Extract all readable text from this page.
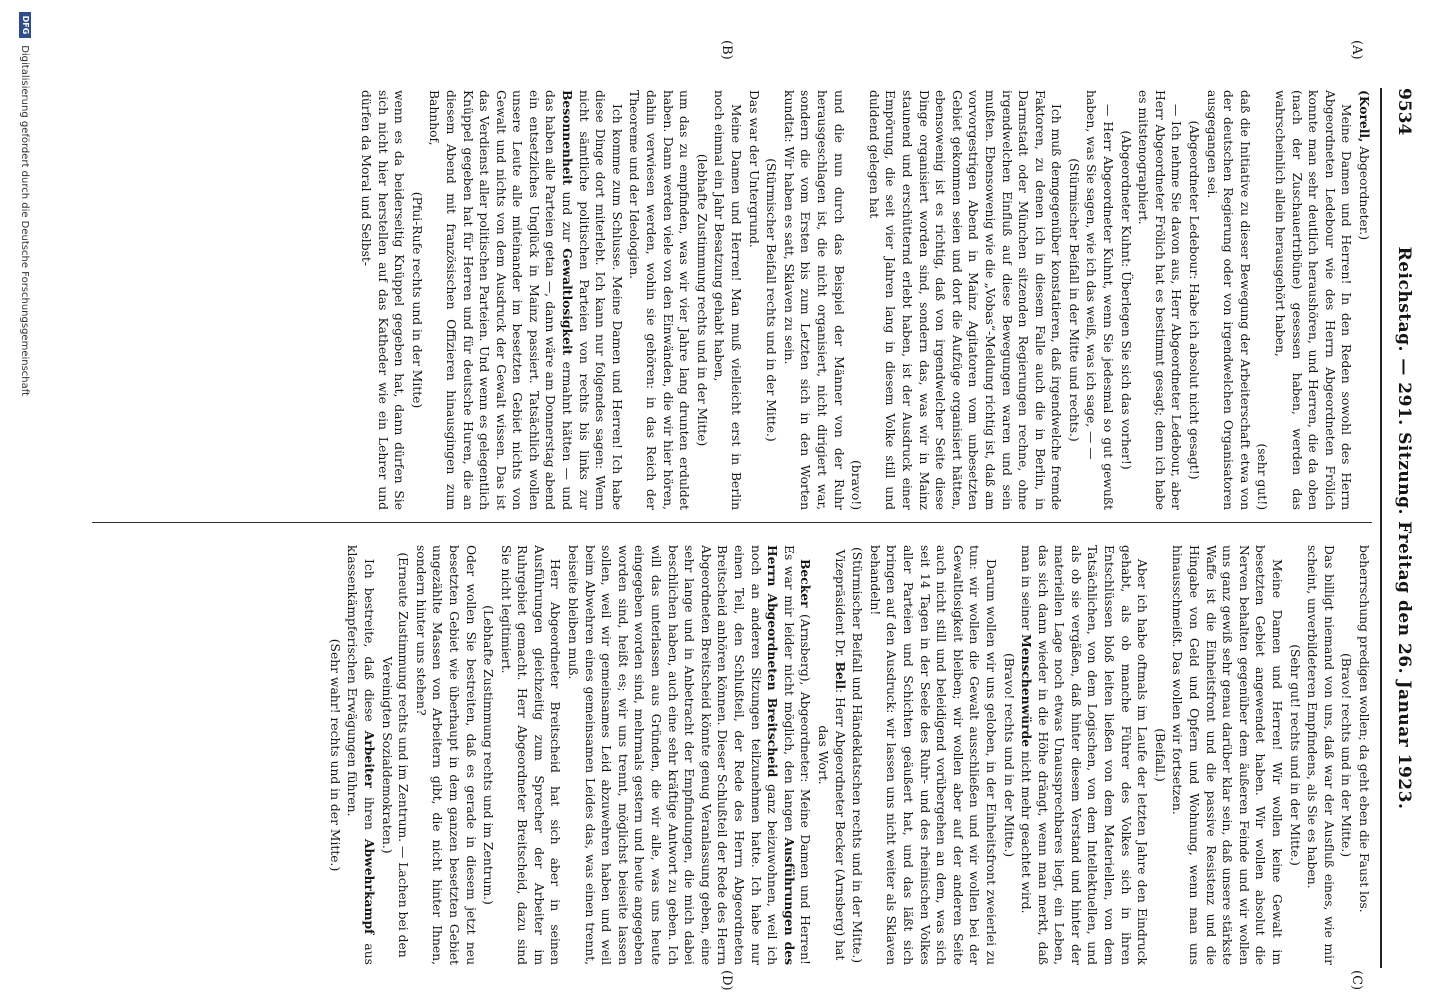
9534
Reichstag. — 291. Sitzung. Freitag den 26. Januar 1923.
(A)
(B)
(C)
(D)

(Korell, Abgeordneter.)

Meine Damen und Herren! In den Reden sowohl des Herrn Abgeordneten Ledebour wie des Herrn Abgeordneten Frölich konnte man sehr deutlich heraushören, und Herren, die da oben (nach der Zuschauertribüne) gesessen haben, werden das wahrscheinlich allein herausgehört haben,

(sehr gut!)

daß die Initiative zu dieser Bewegung der Arbeiterschaft etwa von der deutschen Regierung oder von irgendwelchen Organisatoren ausgegangen sei.

(Abgeordneter Ledebour: Habe ich absolut nicht gesagt!)

— Ich nehme Sie davon aus, Herr Abgeordneter Ledebour, aber Herr Abgeordneter Frölich hat es bestimmt gesagt; denn ich habe es mitstenographiert.

(Abgeordneter Kuhnt: Überlegen Sie sich das vorher!)

— Herr Abgeordneter Kuhnt, wenn Sie jedesmal so gut gewußt haben, was Sie sagen, wie ich das weiß, was ich sage, — —

(Stürmischer Beifall in der Mitte und rechts.)

Ich muß demgegenüber konstatieren, daß irgendwelche fremde Faktoren, zu denen ich in diesem Falle auch die in Berlin, in Darmstadt oder München sitzenden Regierungen rechne, ohne irgendwelchen Einfluß auf diese Bewegungen waren und sein mußten. Ebensowenig wie die „Vobas“-Meldung richtig ist, daß am vorvorgestrigen Abend in Mainz Agitatoren vom unbesetzten Gebiet gekommen seien und dort die Aufzüge organisiert hätten, ebensowenig ist es richtig, daß von irgendwelcher Seite diese Dinge organisiert worden sind, sondern das, was wir in Mainz staunend und erschütternd erlebt haben, ist der Ausdruck einer Empörung, die seit vier Jahren lang in diesem Volke still und duldend gelegen hat

(bravo!)

und die nun durch das Beispiel der Männer von der Ruhr herausgeschlagen ist, die nicht organisiert, nicht dirigiert war, sondern die vom Ersten bis zum Letzten sich in den Worten kundtat: Wir haben es satt, Sklaven zu sein.

(Stürmischer Beifall rechts und in der Mitte.)

Das war der Untergrund.

Meine Damen und Herren! Man muß vielleicht erst in Berlin noch einmal ein Jahr Besatzung gehabt haben,

(lebhafte Zustimmung rechts und in der Mitte)

um das zu empfinden, was wir vier Jahre lang drunten erduldet haben. Dann werden viele von den Einwänden, die wir hier hören, dahin verwiesen werden, wohin sie gehören: in das Reich der Theoreme und der Ideologien.

Ich komme zum Schlusse. Meine Damen und Herren! Ich habe diese Dinge dort miterlebt. Ich kann nur folgendes sagen: Wenn nicht sämtliche politischen Parteien von rechts bis links zur Besonnenheit und zur Gewaltlosigkeit ermahnt hätten — und das haben alle Parteien getan —, dann wäre am Donnerstag abend ein entsetzliches Unglück in Mainz passiert. Tatsächlich wollen unsere Leute alle miteinander im besetzten Gebiet nichts von Gewalt und nichts von dem Ausdruck der Gewalt wissen. Das ist das Verdienst aller politischen Parteien. Und wenn es gelegentlich Knüppel gegeben hat für Herren und für deutsche Huren, die an diesem Abend mit französischen Offizieren hinausgingen zum Bahnhof,

(Pfui-Rufe rechts und in der Mitte)

wenn es da beiderseitig Knüppel gegeben hat, dann dürfen Sie sich nicht hier herstellen auf das Katheder wie ein Lehrer und dürfen da Moral und Selbst-

beherrschung predigen wollen; da geht eben die Faust los.

(Bravo! rechts und in der Mitte.)

Das billigt niemand von uns, daß war der Ausfluß eines, wie mir scheint, unverbildeteren Empfindens, als Sie es haben.

(Sehr gut! rechts und in der Mitte.)

Meine Damen und Herren! Wir wollen keine Gewalt im besetzten Gebiet angewendet haben. Wir wollen absolut die Nerven behalten gegenüber dem äußeren Feinde und wir wollen uns ganz gewiß sehr genau darüber klar sein, daß unsere stärkste Waffe ist die Einheitsfront und die passive Resistenz und die Hingabe von Geld und Opfern und Wohnung, wenn man uns hinausschmeißt. Das wollen wir fortsetzen.

(Beifall.)

Aber ich habe oftmals im Laufe der letzten Jahre den Eindruck gehabt, als ob manche Führer des Volkes sich in ihren Entschlüssen bloß leiten ließen von dem Materiellen, von dem Tatsächlichen, von dem Logischen, von dem Intellektuellen, und als ob sie vergäßen, daß hinter diesem Verstand und hinter der materiellen Lage noch etwas Unaussprechbares liegt, ein Leben, das sich dann wieder in die Höhe drängt, wenn man merkt, daß man in seiner Menschenwürde nicht mehr geachtet wird.

(Bravo! rechts und in der Mitte.)

Darum wollen wir uns geloben, in der Einheitsfront zweierlei zu tun: wir wollen die Gewalt ausschließen und wir wollen bei der Gewaltlosigkeit bleiben; wir wollen aber auf der anderen Seite auch nicht still und beleidigend vorübergehen an dem, was sich seit 14 Tagen in der Seele des Ruhr- und des rheinischen Volkes aller Parteien und Schichten geäußert hat, und das läßt sich bringen auf den Ausdruck: wir lassen uns nicht weiter als Sklaven behandeln!

(Stürmischer Beifall und Händeklatschen rechts und in der Mitte.)

Vizepräsident Dr. Bell: Herr Abgeordneter Becker (Arnsberg) hat das Wort.

Becker (Arnsberg), Abgeordneter: Meine Damen und Herren! Es war mir leider nicht möglich, den langen Ausführungen des Herrn Abgeordneten Breitscheid ganz beizuwohnen, weil ich noch an anderen Sitzungen teilzunehmen hatte. Ich habe nur einen Teil, den Schlußteil, der Rede des Herrn Abgeordneten Breitscheid anhören können. Dieser Schlußteil der Rede des Herrn Abgeordneten Breitscheid könnte genug Veranlassung geben, eine sehr lange und in Anbetracht der Empfindungen, die mich dabei beschlichen haben, auch eine sehr kräftige Antwort zu geben. Ich will das unterlassen aus Gründen, die wir alle, was uns heute eingegeben worden sind, mehrmals gestern und heute angegeben worden sind, heißt es; wir uns trennt, möglichst beiseite lassen sollen, weil wir gemeinsames Leid abzuwehren haben und weil beim Abwehren eines gemeinsamen Leides das, was einen trennt, beiseite bleiben muß.

Herr Abgeordneter Breitscheid hat sich aber in seinen Ausführungen gleichzeitig zum Sprecher der Arbeiter im Ruhrgebiet gemacht. Herr Abgeordneter Breitscheid, dazu sind Sie nicht legitimiert.

(Lebhafte Zustimmung rechts und im Zentrum.)

Oder wollen Sie bestreiten, daß es gerade in diesem jetzt neu besetzten Gebiet wie überhaupt in dem ganzen besetzten Gebiet ungezählte Massen von Arbeitern gibt, die nicht hinter Ihnen, sondern hinter uns stehen?

(Erneute Zustimmung rechts und im Zentrum. — Lachen bei den Vereinigten Sozialdemokraten.)

Ich bestreite, daß diese Arbeiter ihren Abwehrkampf aus klassenkämpferischen Erwägungen führen.

(Sehr wahr! rechts und in der Mitte.)

DFG Digitalisierung gefördert durch die Deutsche Forschungsgemeinschaft
